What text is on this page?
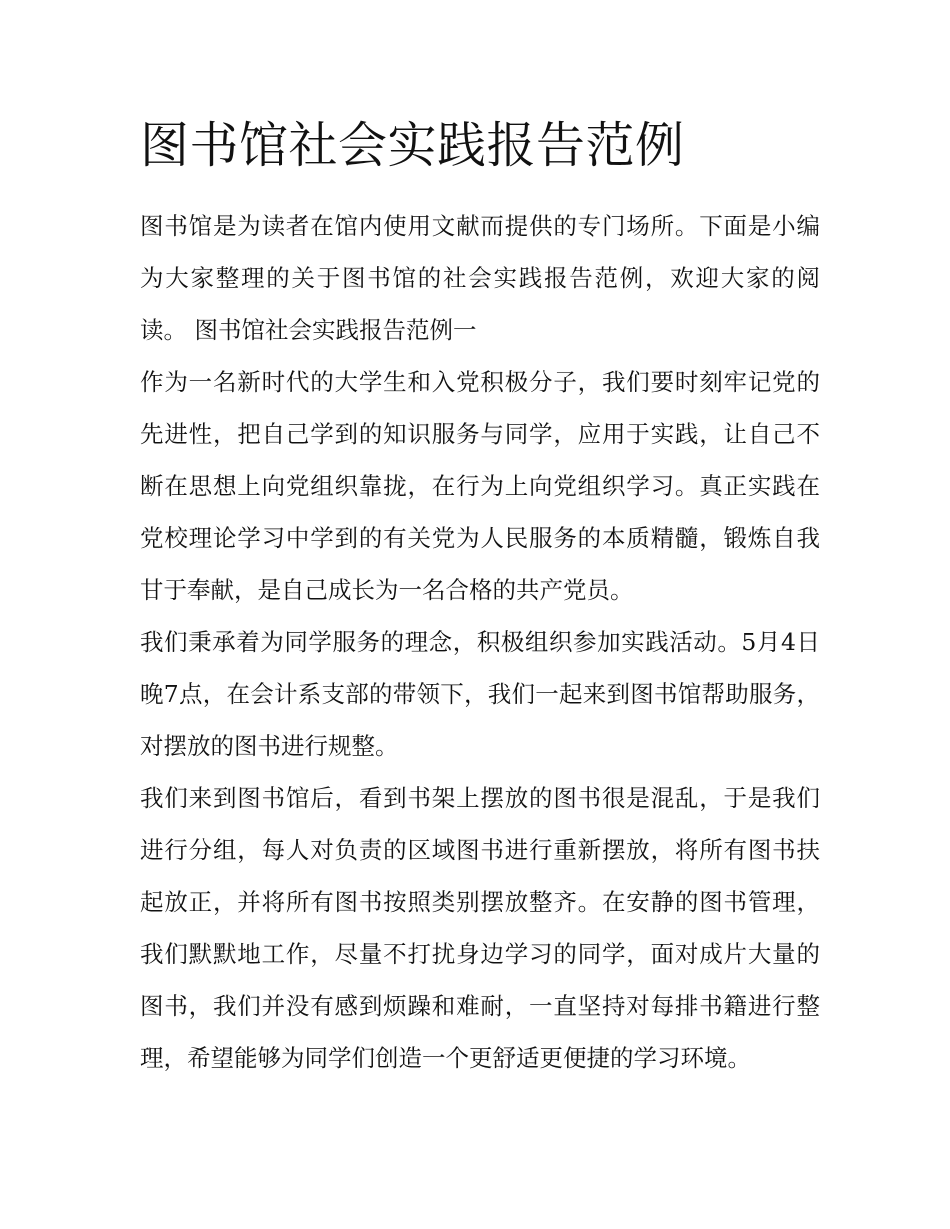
图书馆社会实践报告范例

图书馆是为读者在馆内使用文献而提供的专门场所。下面是小编为大家整理的关于图书馆的社会实践报告范例，欢迎大家的阅读。 图书馆社会实践报告范例一

作为一名新时代的大学生和入党积极分子，我们要时刻牢记党的先进性，把自己学到的知识服务与同学，应用于实践，让自己不断在思想上向党组织靠拢，在行为上向党组织学习。真正实践在党校理论学习中学到的有关党为人民服务的本质精髓，锻炼自我甘于奉献，是自己成长为一名合格的共产党员。

我们秉承着为同学服务的理念，积极组织参加实践活动。5月4日晚7点，在会计系支部的带领下，我们一起来到图书馆帮助服务，对摆放的图书进行规整。

我们来到图书馆后，看到书架上摆放的图书很是混乱，于是我们进行分组，每人对负责的区域图书进行重新摆放，将所有图书扶起放正，并将所有图书按照类别摆放整齐。在安静的图书管理，我们默默地工作，尽量不打扰身边学习的同学，面对成片大量的图书，我们并没有感到烦躁和难耐，一直坚持对每排书籍进行整理，希望能够为同学们创造一个更舒适更便捷的学习环境。
